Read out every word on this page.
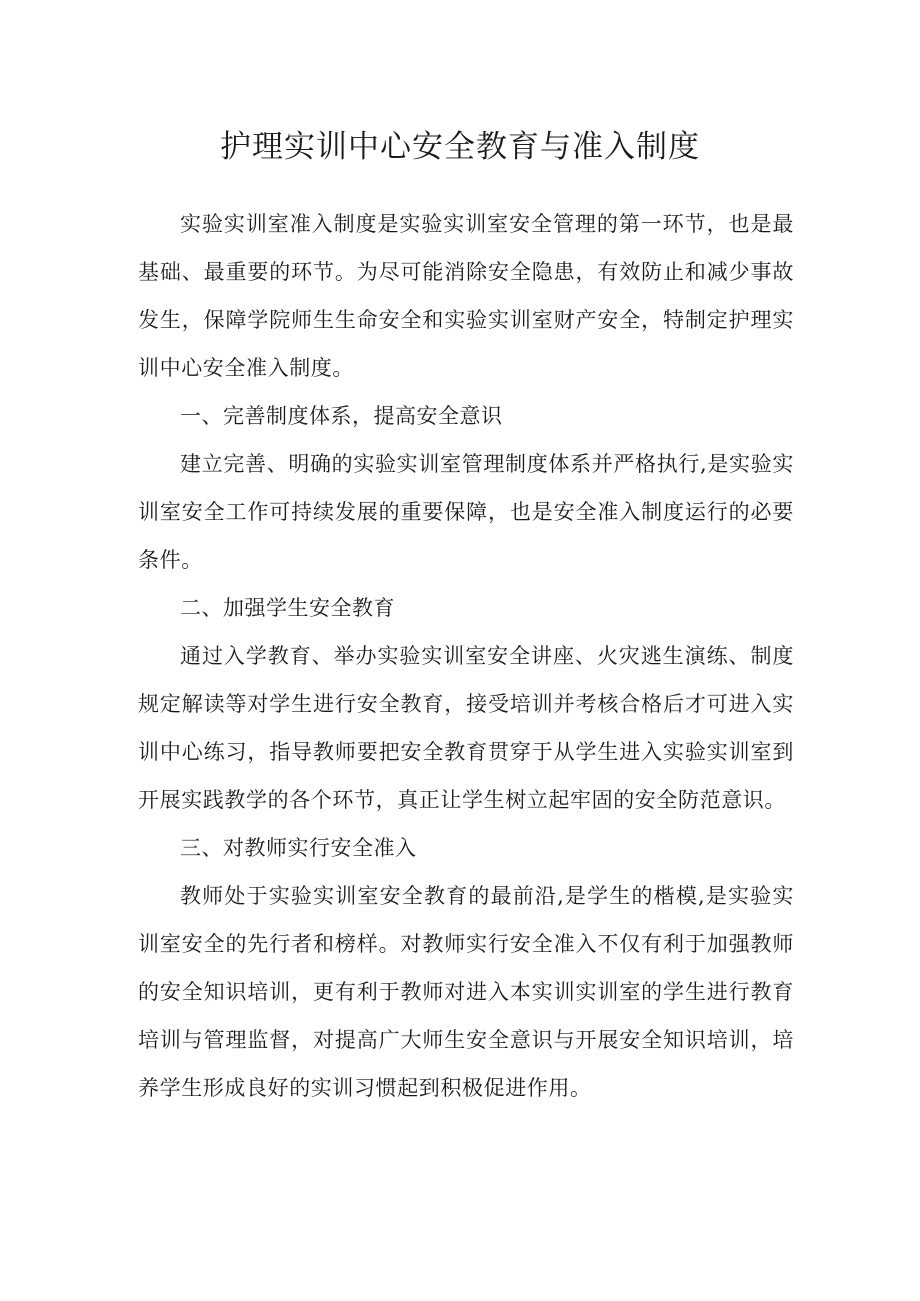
护理实训中心安全教育与准入制度

实验实训室准入制度是实验实训室安全管理的第一环节，也是最基础、最重要的环节。为尽可能消除安全隐患，有效防止和减少事故发生，保障学院师生生命安全和实验实训室财产安全，特制定护理实训中心安全准入制度。

一、完善制度体系，提高安全意识

建立完善、明确的实验实训室管理制度体系并严格执行,是实验实训室安全工作可持续发展的重要保障，也是安全准入制度运行的必要条件。

二、加强学生安全教育

通过入学教育、举办实验实训室安全讲座、火灾逃生演练、制度规定解读等对学生进行安全教育，接受培训并考核合格后才可进入实训中心练习，指导教师要把安全教育贯穿于从学生进入实验实训室到开展实践教学的各个环节，真正让学生树立起牢固的安全防范意识。

三、对教师实行安全准入

教师处于实验实训室安全教育的最前沿,是学生的楷模,是实验实训室安全的先行者和榜样。对教师实行安全准入不仅有利于加强教师的安全知识培训，更有利于教师对进入本实训实训室的学生进行教育培训与管理监督，对提高广大师生安全意识与开展安全知识培训，培养学生形成良好的实训习惯起到积极促进作用。
